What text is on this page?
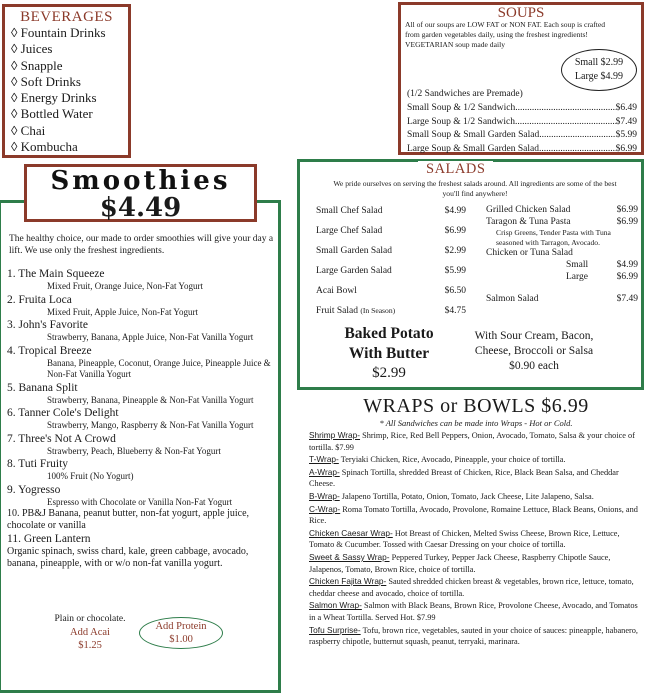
BEVERAGES
◊ Fountain Drinks
◊ Juices
◊ Snapple
◊ Soft Drinks
◊ Energy Drinks
◊ Bottled Water
◊ Chai
◊ Kombucha
SOUPS
All of our soups are LOW FAT or NON FAT. Each soup is crafted
from garden vegetables daily, using the freshest ingredients!
VEGETARIAN soup made daily
Small $2.99
Large $4.99
(1/2 Sandwiches are Premade)
Small Soup & 1/2 Sandwich .....	$6.49
Large Soup & 1/2 Sandwich .....	$7.49
Small Soup & Small Garden Salad .....	$5.99
Large Soup & Small Garden Salad .....	$6.99
Smoothies
$4.49
The healthy choice, our made to order smoothies will give your day a lift. We use only the freshest ingredients.
1. The Main Squeeze
Mixed Fruit, Orange Juice, Non-Fat Yogurt
2. Fruita Loca
Mixed Fruit, Apple Juice, Non-Fat Yogurt
3. John's Favorite
Strawberry, Banana, Apple Juice, Non-Fat Vanilla Yogurt
4. Tropical Breeze
Banana, Pineapple, Coconut, Orange Juice, Pineapple Juice & Non-Fat Vanilla Yogurt
5. Banana Split
Strawberry, Banana, Pineapple & Non-Fat Vanilla Yogurt
6. Tanner Cole's Delight
Strawberry, Mango, Raspberry & Non-Fat Vanilla Yogurt
7. Three's Not A Crowd
Strawberry, Peach, Blueberry & Non-Fat Yogurt
8. Tuti Fruity
100% Fruit (No Yogurt)
9. Yogresso
Espresso with Chocolate or Vanilla Non-Fat Yogurt
10. PB&J Banana, peanut butter, non-fat yogurt, apple juice, chocolate or vanilla
11. Green Lantern
Organic spinach, swiss chard, kale, green cabbage, avocado, banana, pineapple, with or w/o non-fat vanilla yogurt.
Plain or chocolate.
Add Acai
$1.25
Add Protein
$1.00
SALADS
We pride ourselves on serving the freshest salads around. All ingredients are some of the best you'll find anywhere!
Small Chef Salad	$4.99
Large Chef Salad	$6.99
Small Garden Salad	$2.99
Large Garden Salad	$5.99
Acai Bowl	$6.50
Fruit Salad (In Season)	$4.75
Grilled Chicken Salad	$6.99
Taragon & Tuna Pasta	$6.99
Crisp Greens, Tender Pasta with Tuna seasoned with Tarragon, Avocado.
Chicken or Tuna Salad
Small	$4.99
Large	$6.99
Salmon Salad	$7.49
Baked Potato
With Butter
$2.99
With Sour Cream, Bacon,
Cheese, Broccoli or Salsa
$0.90 each
WRAPS or BOWLS $6.99
* All Sandwiches can be made into Wraps - Hot or Cold.
Shrimp Wrap- Shrimp, Rice, Red Bell Peppers, Onion, Avocado, Tomato, Salsa & your choice of tortilla. $7.99
T-Wrap- Teryiaki Chicken, Rice, Avocado, Pineapple, your choice of tortilla.
A-Wrap- Spinach Tortilla, shredded Breast of Chicken, Rice, Black Bean Salsa, and Cheddar Cheese.
B-Wrap- Jalapeno Tortilla, Potato, Onion, Tomato, Jack Cheese, Lite Jalapeno, Salsa.
C-Wrap- Roma Tomato Tortilla, Avocado, Provolone, Romaine Lettuce, Black Beans, Onions, and Rice.
Chicken Caesar Wrap- Hot Breast of Chicken, Melted Swiss Cheese, Brown Rice, Lettuce, Tomato & Cucumber. Tossed with Caesar Dressing on your choice of tortilla.
Sweet & Sassy Wrap- Peppered Turkey, Pepper Jack Cheese, Raspberry Chipotle Sauce, Jalapenos, Tomato, Brown Rice, choice of tortilla.
Chicken Fajita Wrap- Sauted shredded chicken breast & vegetables, brown rice, lettuce, tomato, cheddar cheese and avocado, choice of tortilla.
Salmon Wrap- Salmon with Black Beans, Brown Rice, Provolone Cheese, Avocado, and Tomatos in a Wheat Tortilla. Served Hot. $7.99
Tofu Surprise- Tofu, brown rice, vegetables, sauted in your choice of sauces: pineapple, habanero, raspberry chipotle, butternut squash, peanut, terryaki, marinara.
